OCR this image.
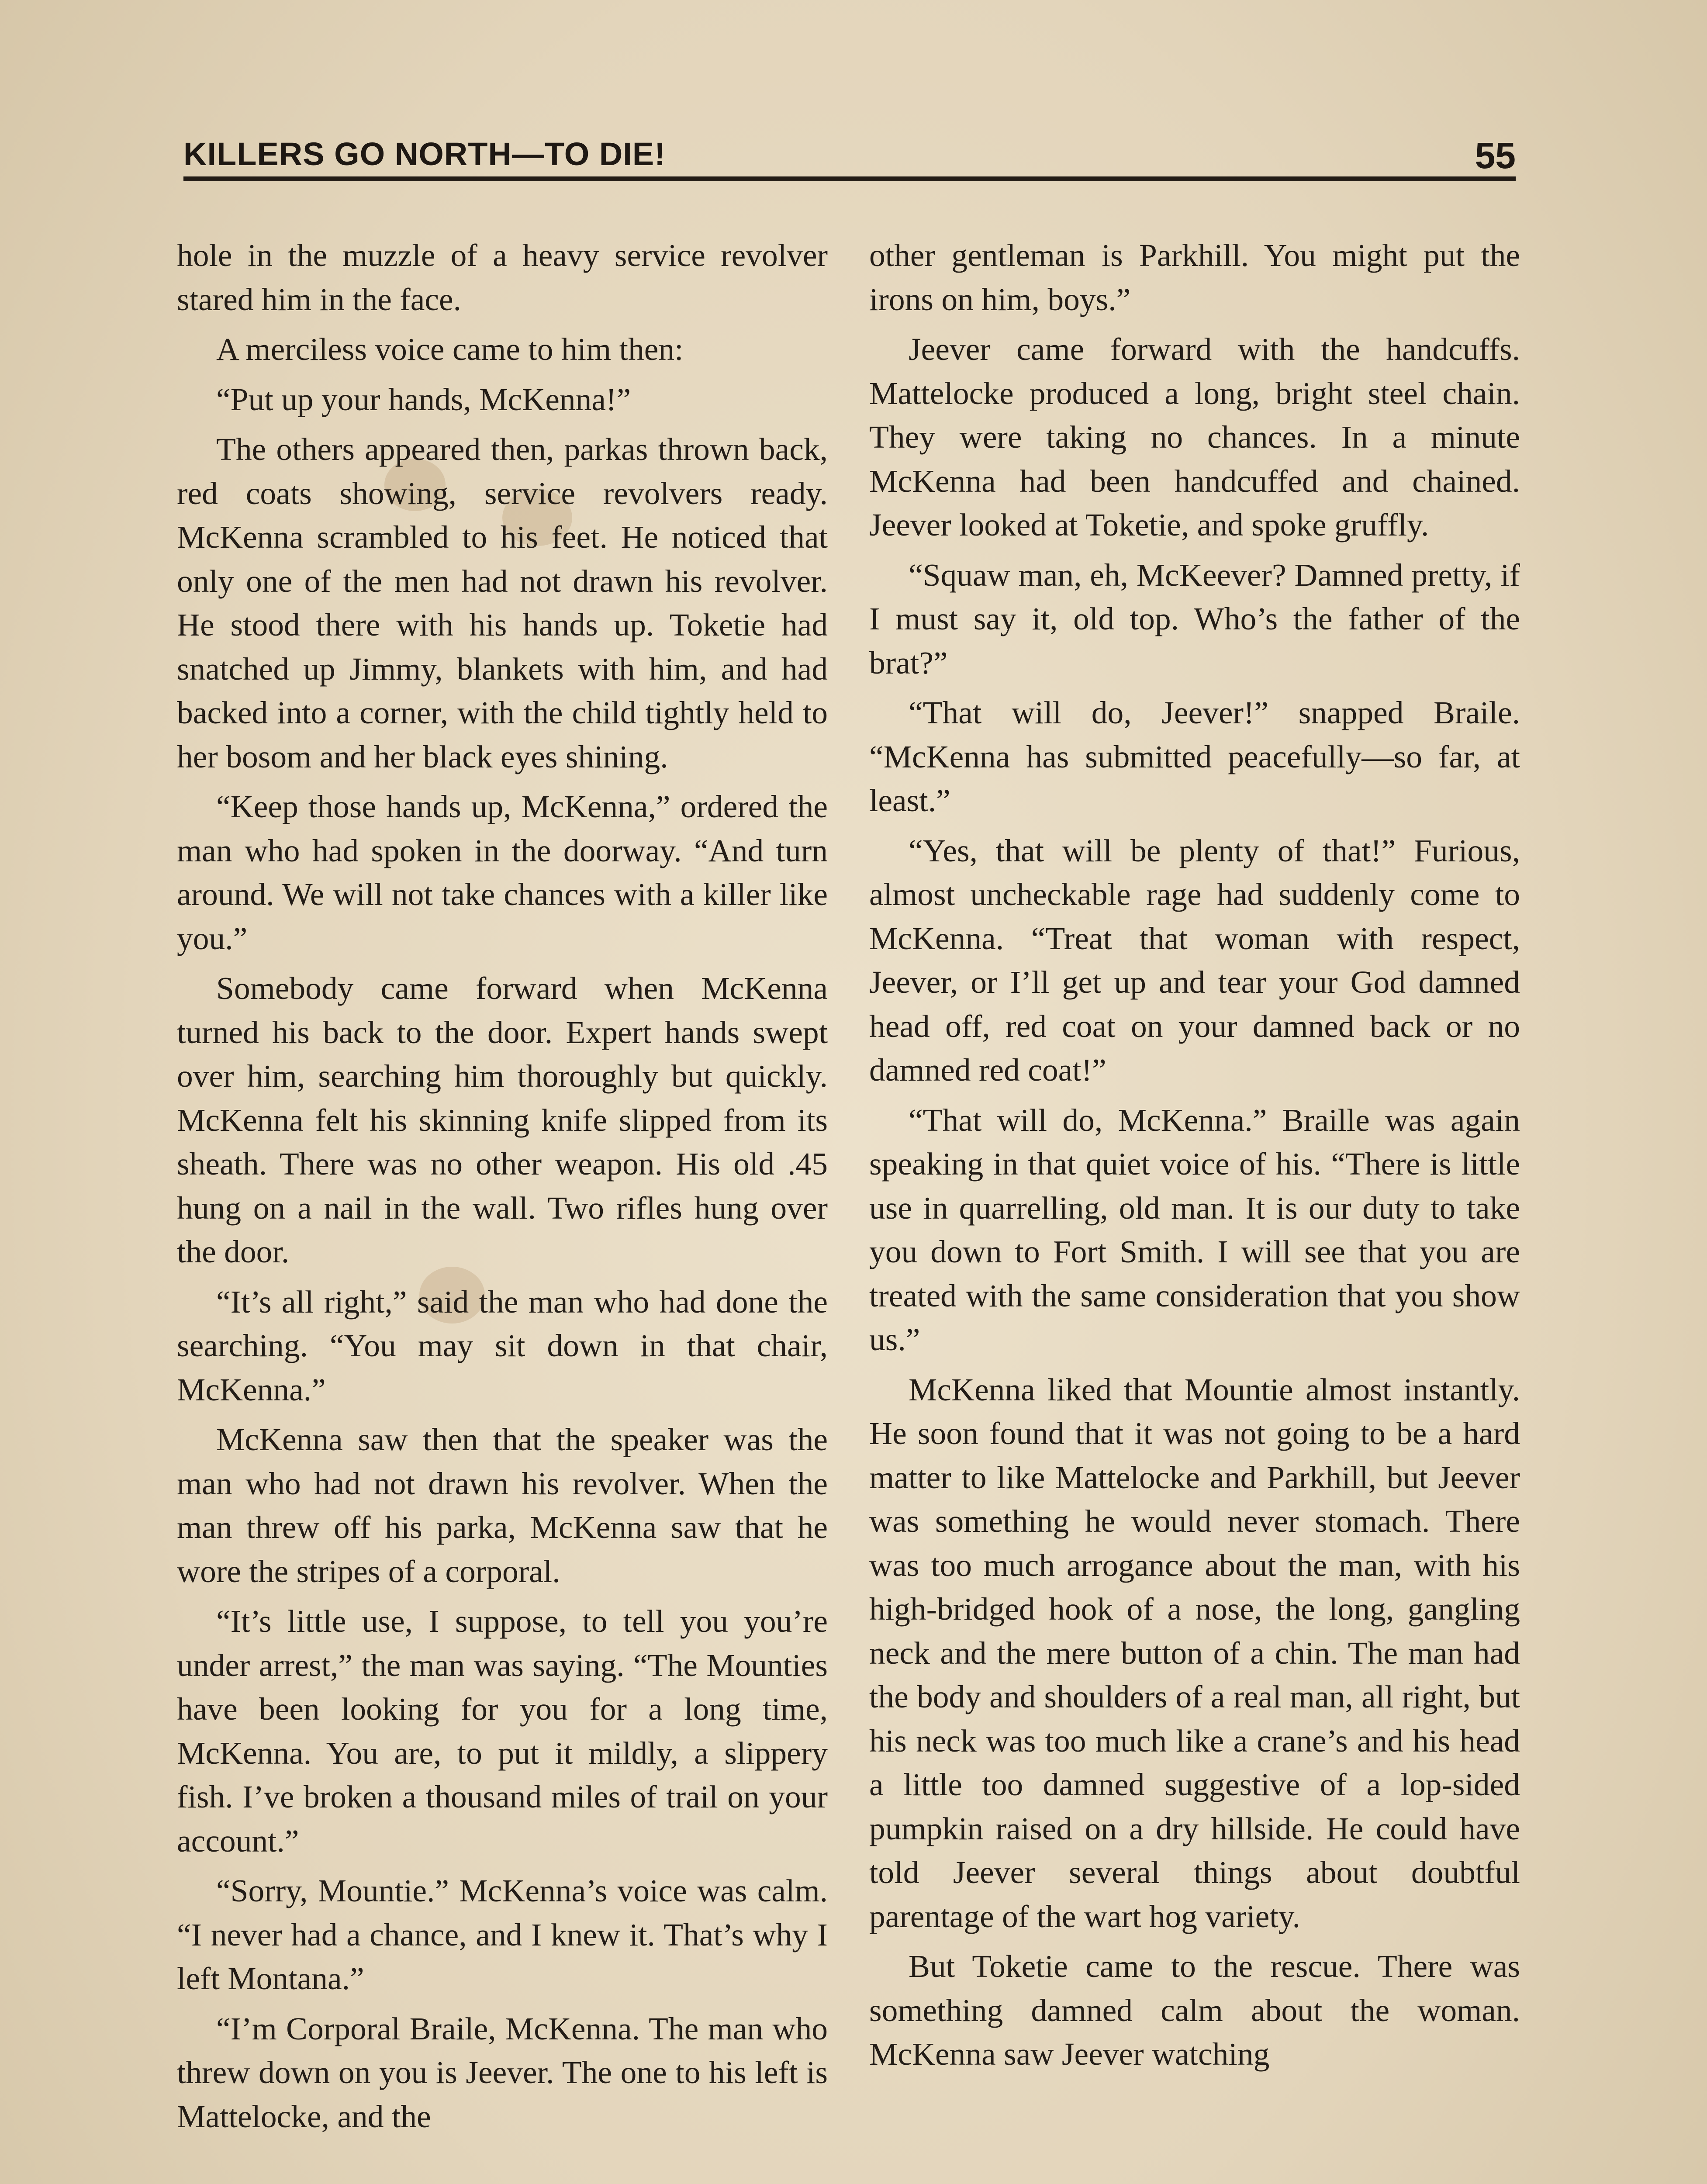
KILLERS GO NORTH—TO DIE!	55

hole in the muzzle of a heavy service revolver stared him in the face.

A merciless voice came to him then:

“Put up your hands, McKenna!”

The others appeared then, parkas thrown back, red coats showing, service revolvers ready. McKenna scrambled to his feet. He noticed that only one of the men had not drawn his revolver. He stood there with his hands up. Toketie had snatched up Jimmy, blankets with him, and had backed into a corner, with the child tightly held to her bosom and her black eyes shining.

“Keep those hands up, McKenna,” ordered the man who had spoken in the doorway. “And turn around. We will not take chances with a killer like you.”

Somebody came forward when McKenna turned his back to the door. Expert hands swept over him, searching him thoroughly but quickly. McKenna felt his skinning knife slipped from its sheath. There was no other weapon. His old .45 hung on a nail in the wall. Two rifles hung over the door.

“It’s all right,” said the man who had done the searching. “You may sit down in that chair, McKenna.”

McKenna saw then that the speaker was the man who had not drawn his revolver. When the man threw off his parka, McKenna saw that he wore the stripes of a corporal.

“It’s little use, I suppose, to tell you you’re under arrest,” the man was saying. “The Mounties have been looking for you for a long time, McKenna. You are, to put it mildly, a slippery fish. I’ve broken a thousand miles of trail on your account.”

“Sorry, Mountie.” McKenna’s voice was calm. “I never had a chance, and I knew it. That’s why I left Montana.”

“I’m Corporal Braile, McKenna. The man who threw down on you is Jeever. The one to his left is Mattelocke, and the

other gentleman is Parkhill. You might put the irons on him, boys.”

Jeever came forward with the handcuffs. Mattelocke produced a long, bright steel chain. They were taking no chances. In a minute McKenna had been handcuffed and chained. Jeever looked at Toketie, and spoke gruffly.

“Squaw man, eh, McKeever? Damned pretty, if I must say it, old top. Who’s the father of the brat?”

“That will do, Jeever!” snapped Braile. “McKenna has submitted peacefully—so far, at least.”

“Yes, that will be plenty of that!” Furious, almost uncheckable rage had suddenly come to McKenna. “Treat that woman with respect, Jeever, or I’ll get up and tear your God damned head off, red coat on your damned back or no damned red coat!”

“That will do, McKenna.” Braille was again speaking in that quiet voice of his. “There is little use in quarrelling, old man. It is our duty to take you down to Fort Smith. I will see that you are treated with the same consideration that you show us.”

McKenna liked that Mountie almost instantly. He soon found that it was not going to be a hard matter to like Mattelocke and Parkhill, but Jeever was something he would never stomach. There was too much arrogance about the man, with his high-bridged hook of a nose, the long, gangling neck and the mere button of a chin. The man had the body and shoulders of a real man, all right, but his neck was too much like a crane’s and his head a little too damned suggestive of a lop-sided pumpkin raised on a dry hillside. He could have told Jeever several things about doubtful parentage of the wart hog variety.

But Toketie came to the rescue. There was something damned calm about the woman. McKenna saw Jeever watching
